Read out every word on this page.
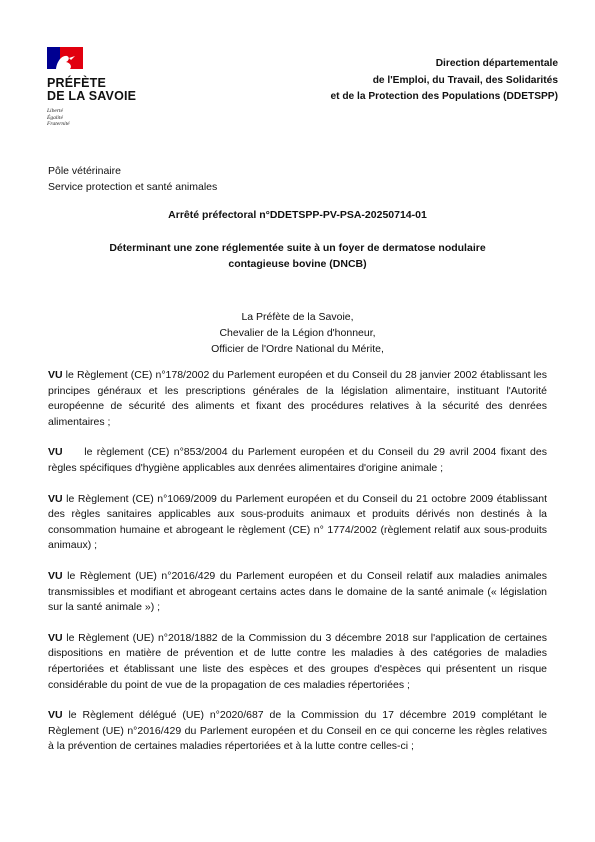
PRÉFÈTE
DE LA SAVOIE
Liberté
Égalité
Fraternité
Direction départementale
de l'Emploi, du Travail, des Solidarités
et de la Protection des Populations (DDETSPP)
Pôle vétérinaire
Service protection et santé animales
Arrêté préfectoral n°DDETSPP-PV-PSA-20250714-01
Déterminant une zone réglementée suite à un foyer de dermatose nodulaire contagieuse bovine (DNCB)
La Préfète de la Savoie,
Chevalier de la Légion d'honneur,
Officier de l'Ordre National du Mérite,

VU le Règlement (CE) n°178/2002 du Parlement européen et du Conseil du 28 janvier 2002 établissant les principes généraux et les prescriptions générales de la législation alimentaire, instituant l'Autorité européenne de sécurité des aliments et fixant des procédures relatives à la sécurité des denrées alimentaires ;

VU     le règlement (CE) n°853/2004 du Parlement européen et du Conseil du 29 avril 2004 fixant des règles spécifiques d'hygiène applicables aux denrées alimentaires d'origine animale ;

VU le Règlement (CE) n°1069/2009 du Parlement européen et du Conseil du 21 octobre 2009 établissant des règles sanitaires applicables aux sous-produits animaux et produits dérivés non destinés à la consommation humaine et abrogeant le règlement (CE) n° 1774/2002 (règlement relatif aux sous-produits animaux) ;

VU le Règlement (UE) n°2016/429 du Parlement européen et du Conseil relatif aux maladies animales transmissibles et modifiant et abrogeant certains actes dans le domaine de la santé animale (« législation sur la santé animale ») ;

VU le Règlement (UE) n°2018/1882 de la Commission du 3 décembre 2018 sur l'application de certaines dispositions en matière de prévention et de lutte contre les maladies à des catégories de maladies répertoriées et établissant une liste des espèces et des groupes d'espèces qui présentent un risque considérable du point de vue de la propagation de ces maladies répertoriées ;

VU le Règlement délégué (UE) n°2020/687 de la Commission du 17 décembre 2019 complétant le Règlement (UE) n°2016/429 du Parlement européen et du Conseil en ce qui concerne les règles relatives à la prévention de certaines maladies répertoriées et à la lutte contre celles-ci ;
